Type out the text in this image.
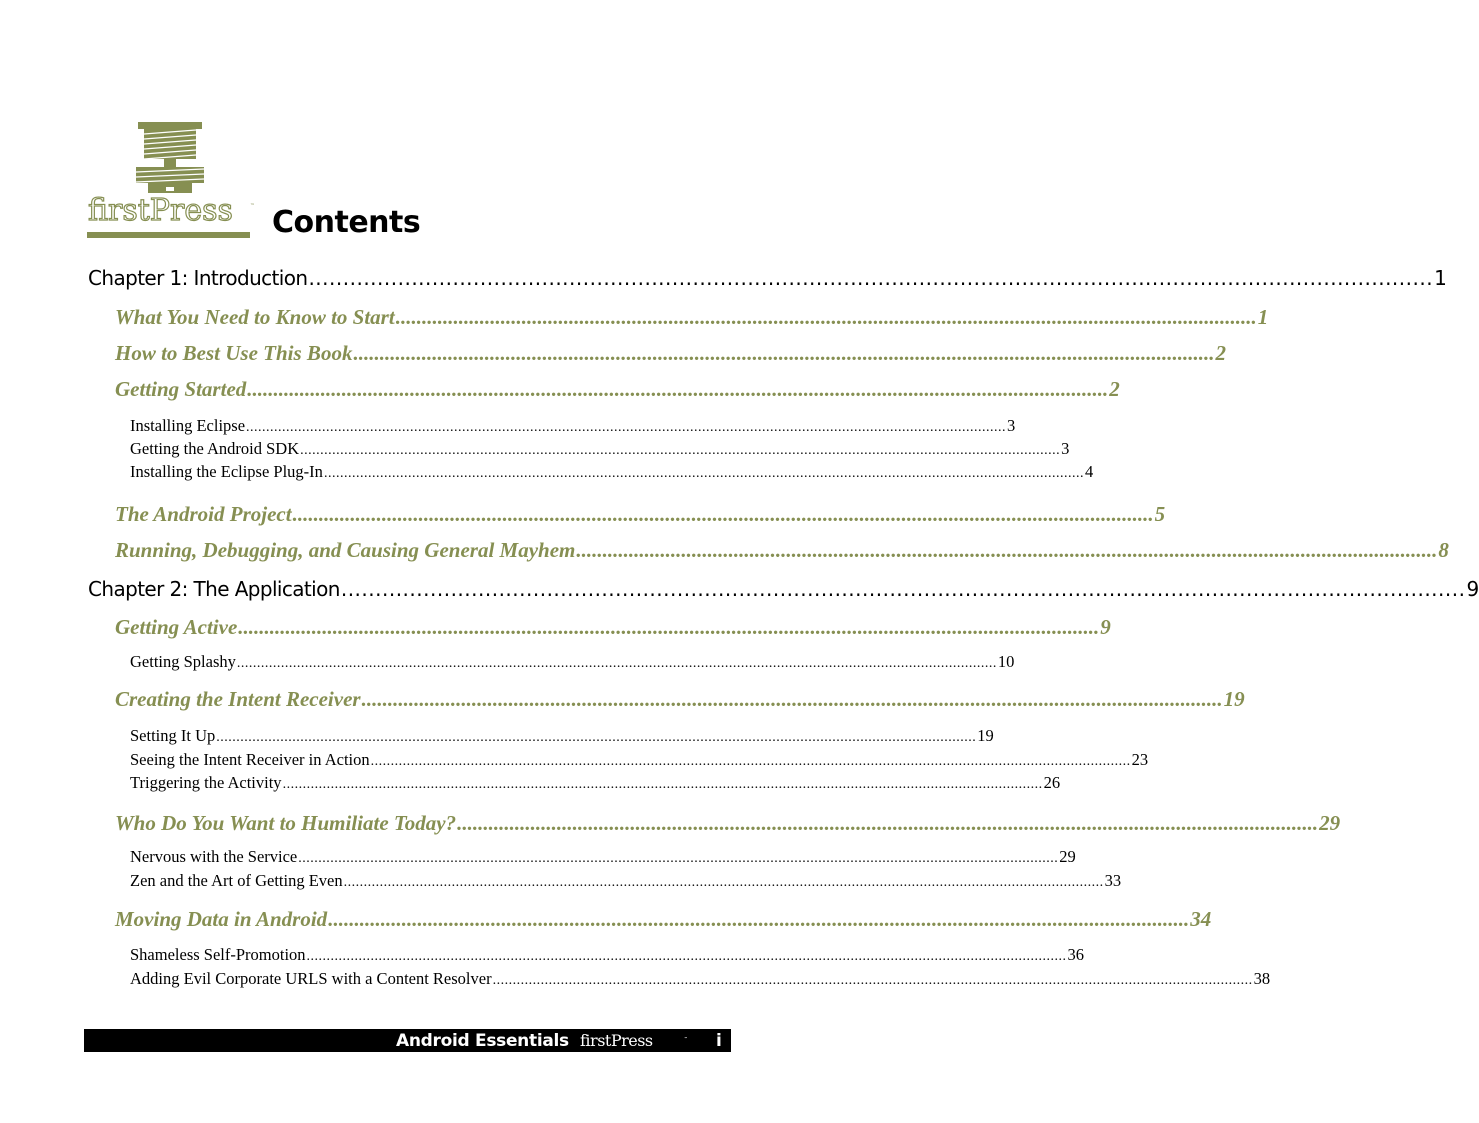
firstPress	™ Contents
Chapter 1: Introduction .................................................................................................................................................................... 1
What You Need to Know to Start .................................................................................................................................................................... 1
How to Best Use This Book .................................................................................................................................................................... 2
Getting Started .................................................................................................................................................................... 2
Installing Eclipse .............................................................................................................................................................................................. 3
Getting the Android SDK .............................................................................................................................................................................................. 3
Installing the Eclipse Plug-In .............................................................................................................................................................................................. 4
The Android Project .................................................................................................................................................................... 5
Running, Debugging, and Causing General Mayhem .................................................................................................................................................................... 8
Chapter 2: The Application .................................................................................................................................................................... 9
Getting Active .................................................................................................................................................................... 9
Getting Splashy .............................................................................................................................................................................................. 10
Creating the Intent Receiver .................................................................................................................................................................... 19
Setting It Up .............................................................................................................................................................................................. 19
Seeing the Intent Receiver in Action .............................................................................................................................................................................................. 23
Triggering the Activity .............................................................................................................................................................................................. 26
Who Do You Want to Humiliate Today? .................................................................................................................................................................... 29
Nervous with the Service .............................................................................................................................................................................................. 29
Zen and the Art of Getting Even .............................................................................................................................................................................................. 33
Moving Data in Android .................................................................................................................................................................... 34
Shameless Self-Promotion .............................................................................................................................................................................................. 36
Adding Evil Corporate URLS with a Content Resolver .............................................................................................................................................................................................. 38
Android Essentials firstPress	™ i
